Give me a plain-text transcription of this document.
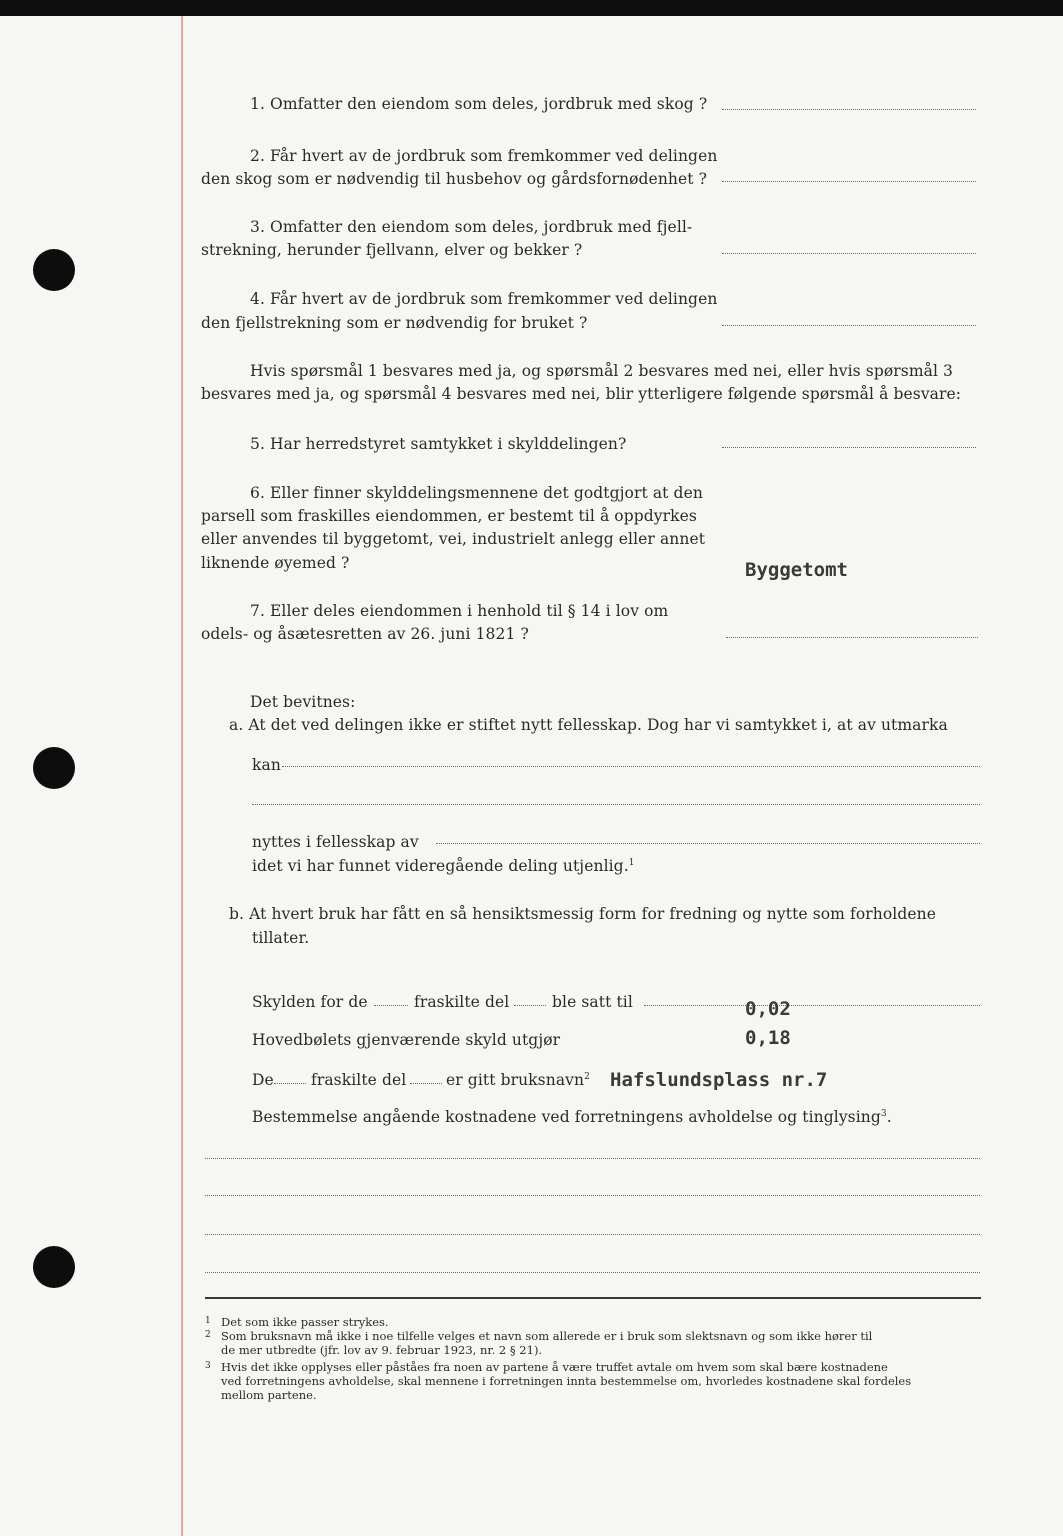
1. Omfatter den eiendom som deles, jordbruk med skog ?
2. Får hvert av de jordbruk som fremkommer ved delingen
den skog som er nødvendig til husbehov og gårdsfornødenhet ?
3. Omfatter den eiendom som deles, jordbruk med fjell-
strekning, herunder fjellvann, elver og bekker ?
4. Får hvert av de jordbruk som fremkommer ved delingen
den fjellstrekning som er nødvendig for bruket ?
Hvis spørsmål 1 besvares med ja, og spørsmål 2 besvares med nei, eller hvis spørsmål 3
besvares med ja, og spørsmål 4 besvares med nei, blir ytterligere følgende spørsmål å besvare:
5. Har herredstyret samtykket i skylddelingen?
6. Eller finner skylddelingsmennene det godtgjort at den
parsell som fraskilles eiendommen, er bestemt til å oppdyrkes
eller anvendes til byggetomt, vei, industrielt anlegg eller annet
liknende øyemed ?	Byggetomt
7. Eller deles eiendommen i henhold til § 14 i lov om
odels- og åsætesretten av 26. juni 1821 ?
Det bevitnes:
a. At det ved delingen ikke er stiftet nytt fellesskap. Dog har vi samtykket i, at av utmarka
kan
nyttes i fellesskap av
idet vi har funnet videregående deling utjenlig.$^1$
b. At hvert bruk har fått en så hensiktsmessig form for fredning og nytte som forholdene
tillater.
Skylden for de	fraskilte del	ble satt til	0,02
Hovedbølets gjenværende skyld utgjør	0,18
De fraskilte del	er gitt bruksnavn$^2$ Hafslundsplass nr.7
Bestemmelse angående kostnadene ved forretningens avholdelse og tinglysing$^3$.
1 Det som ikke passer strykes.
2 Som bruksnavn må ikke i noe tilfelle velges et navn som allerede er i bruk som slektsnavn og som ikke hører til
de mer utbredte (jfr. lov av 9. februar 1923, nr. 2 § 21).
3 Hvis det ikke opplyses eller påståes fra noen av partene å være truffet avtale om hvem som skal bære kostnadene
ved forretningens avholdelse, skal mennene i forretningen innta bestemmelse om, hvorledes kostnadene skal fordeles
mellom partene.
